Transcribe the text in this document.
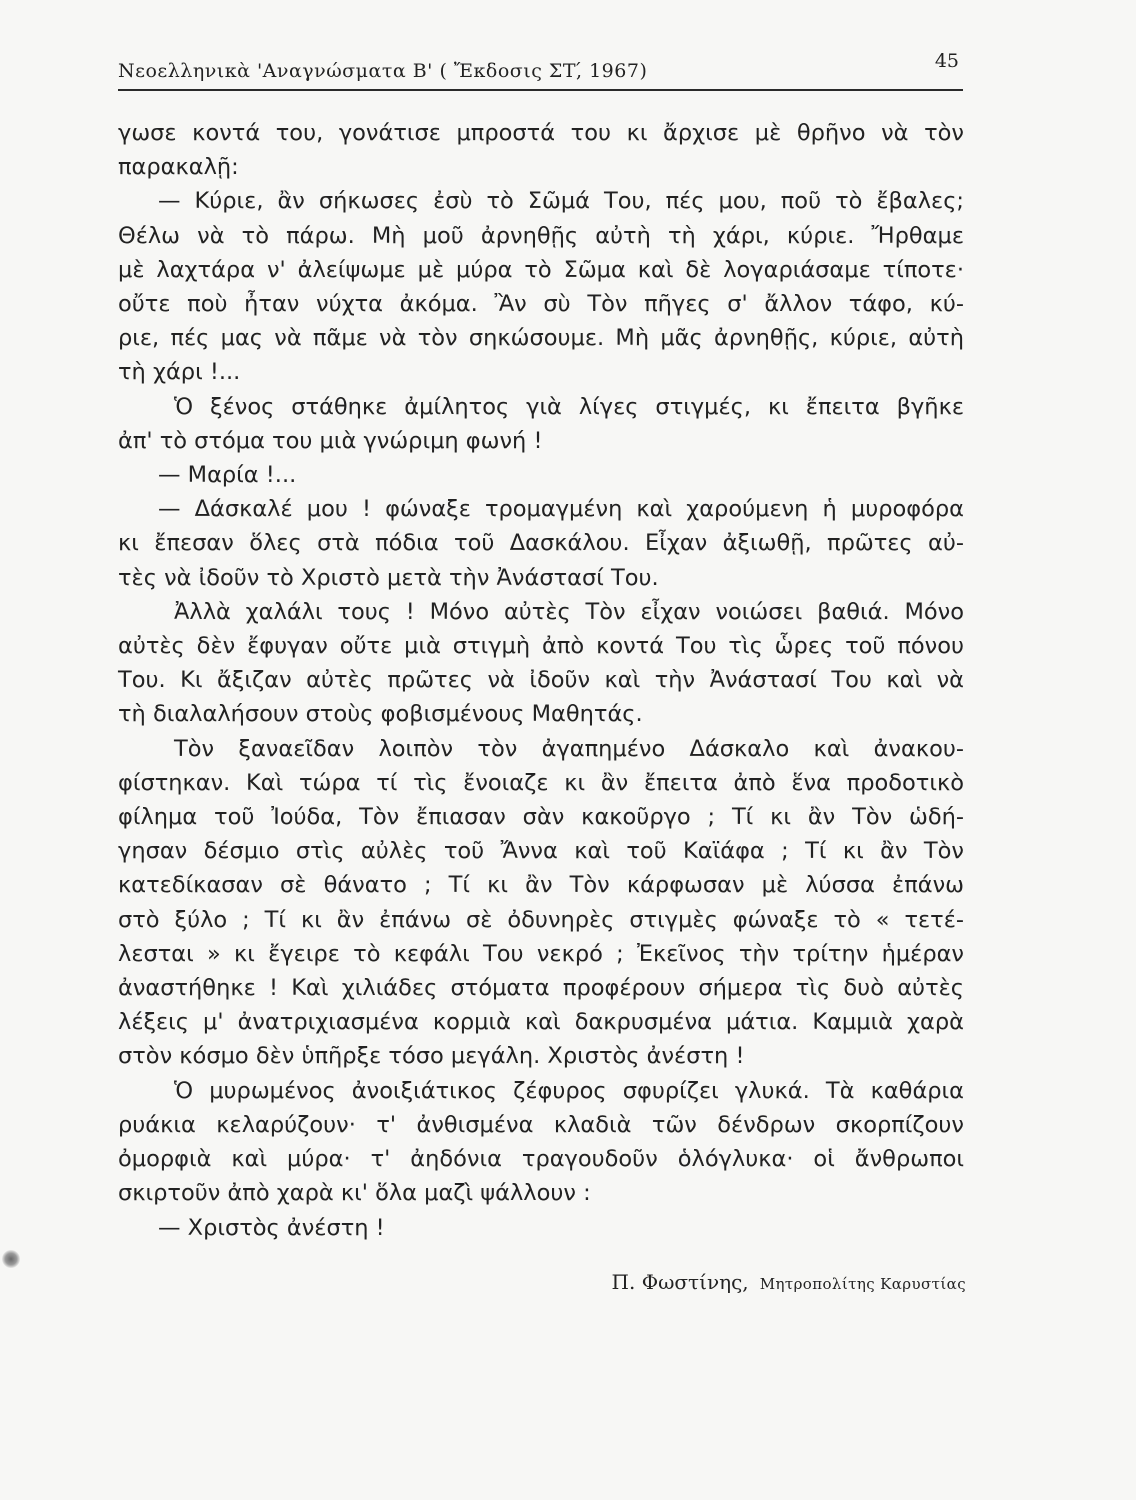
Νεοελληνικὰ 'Αναγνώσματα Β' ( Ἔκδοσις ΣΤ,́ 1967)	45

γωσε κοντά του, γονάτισε μπροστά του κι ἄρχισε μὲ θρῆνο νὰ τὸν

παρακαλῇ:

— Κύριε, ἂν σήκωσες ἐσὺ τὸ Σῶμά Του, πές μου, ποῦ τὸ ἔβαλες;

Θέλω νὰ τὸ πάρω. Μὴ μοῦ ἀρνηθῇς αὐτὴ τὴ χάρι, κύριε. Ἤρθαμε

μὲ λαχτάρα ν' ἀλείψωμε μὲ μύρα τὸ Σῶμα καὶ δὲ λογαριάσαμε τίποτε·

οὔτε ποὺ ἦταν νύχτα ἀκόμα. Ἂν σὺ Τὸν πῆγες σ' ἄλλον τάφο, κύ-

ριε, πές μας νὰ πᾶμε νὰ τὸν σηκώσουμε. Μὴ μᾶς ἀρνηθῇς, κύριε, αὐτὴ

τὴ χάρι !...

Ὁ ξένος στάθηκε ἀμίλητος γιὰ λίγες στιγμές, κι ἔπειτα βγῆκε

ἀπ' τὸ στόμα του μιὰ γνώριμη φωνή !

— Μαρία !...

— Δάσκαλέ μου ! φώναξε τρομαγμένη καὶ χαρούμενη ἡ μυροφόρα

κι ἔπεσαν ὅλες στὰ πόδια τοῦ Δασκάλου. Εἶχαν ἀξιωθῇ, πρῶτες αὐ-

τὲς νὰ ἰδοῦν τὸ Χριστὸ μετὰ τὴν Ἀνάστασί Του.

Ἀλλὰ χαλάλι τους ! Μόνο αὐτὲς Τὸν εἶχαν νοιώσει βαθιά. Μόνο

αὐτὲς δὲν ἔφυγαν οὔτε μιὰ στιγμὴ ἀπὸ κοντά Του τὶς ὧρες τοῦ πόνου

Του. Κι ἄξιζαν αὐτὲς πρῶτες νὰ ἰδοῦν καὶ τὴν Ἀνάστασί Του καὶ νὰ

τὴ διαλαλήσουν στοὺς φοβισμένους Μαθητάς.

Τὸν ξαναεῖδαν λοιπὸν τὸν ἀγαπημένο Δάσκαλο καὶ ἀνακου-

φίστηκαν. Καὶ τώρα τί τὶς ἔνοιαζε κι ἂν ἔπειτα ἀπὸ ἕνα προδοτικὸ

φίλημα τοῦ Ἰούδα, Τὸν ἔπιασαν σὰν κακοῦργο ; Τί κι ἂν Τὸν ὡδή-

γησαν δέσμιο στὶς αὐλὲς τοῦ Ἄννα καὶ τοῦ Καϊάφα ; Τί κι ἂν Τὸν

κατεδίκασαν σὲ θάνατο ; Τί κι ἂν Τὸν κάρφωσαν μὲ λύσσα ἐπάνω

στὸ ξύλο ; Τί κι ἂν ἐπάνω σὲ ὀδυνηρὲς στιγμὲς φώναξε τὸ « τετέ-

λεσται » κι ἔγειρε τὸ κεφάλι Του νεκρό ; Ἐκεῖνος τὴν τρίτην ἡμέραν

ἀναστήθηκε ! Καὶ χιλιάδες στόματα προφέρουν σήμερα τὶς δυὸ αὐτὲς

λέξεις μ' ἀνατριχιασμένα κορμιὰ καὶ δακρυσμένα μάτια. Καμμιὰ χαρὰ

στὸν κόσμο δὲν ὑπῆρξε τόσο μεγάλη. Χριστὸς ἀνέστη !

Ὁ μυρωμένος ἀνοιξιάτικος ζέφυρος σφυρίζει γλυκά. Τὰ καθάρια

ρυάκια κελαρύζουν· τ' ἀνθισμένα κλαδιὰ τῶν δένδρων σκορπίζουν

ὀμορφιὰ καὶ μύρα· τ' ἀηδόνια τραγουδοῦν ὁλόγλυκα· οἱ ἄνθρωποι

σκιρτοῦν ἀπὸ χαρὰ κι' ὅλα μαζὶ ψάλλουν :

— Χριστὸς ἀνέστη !

Π. Φωστίνης, Μητροπολίτης Καρυστίας
